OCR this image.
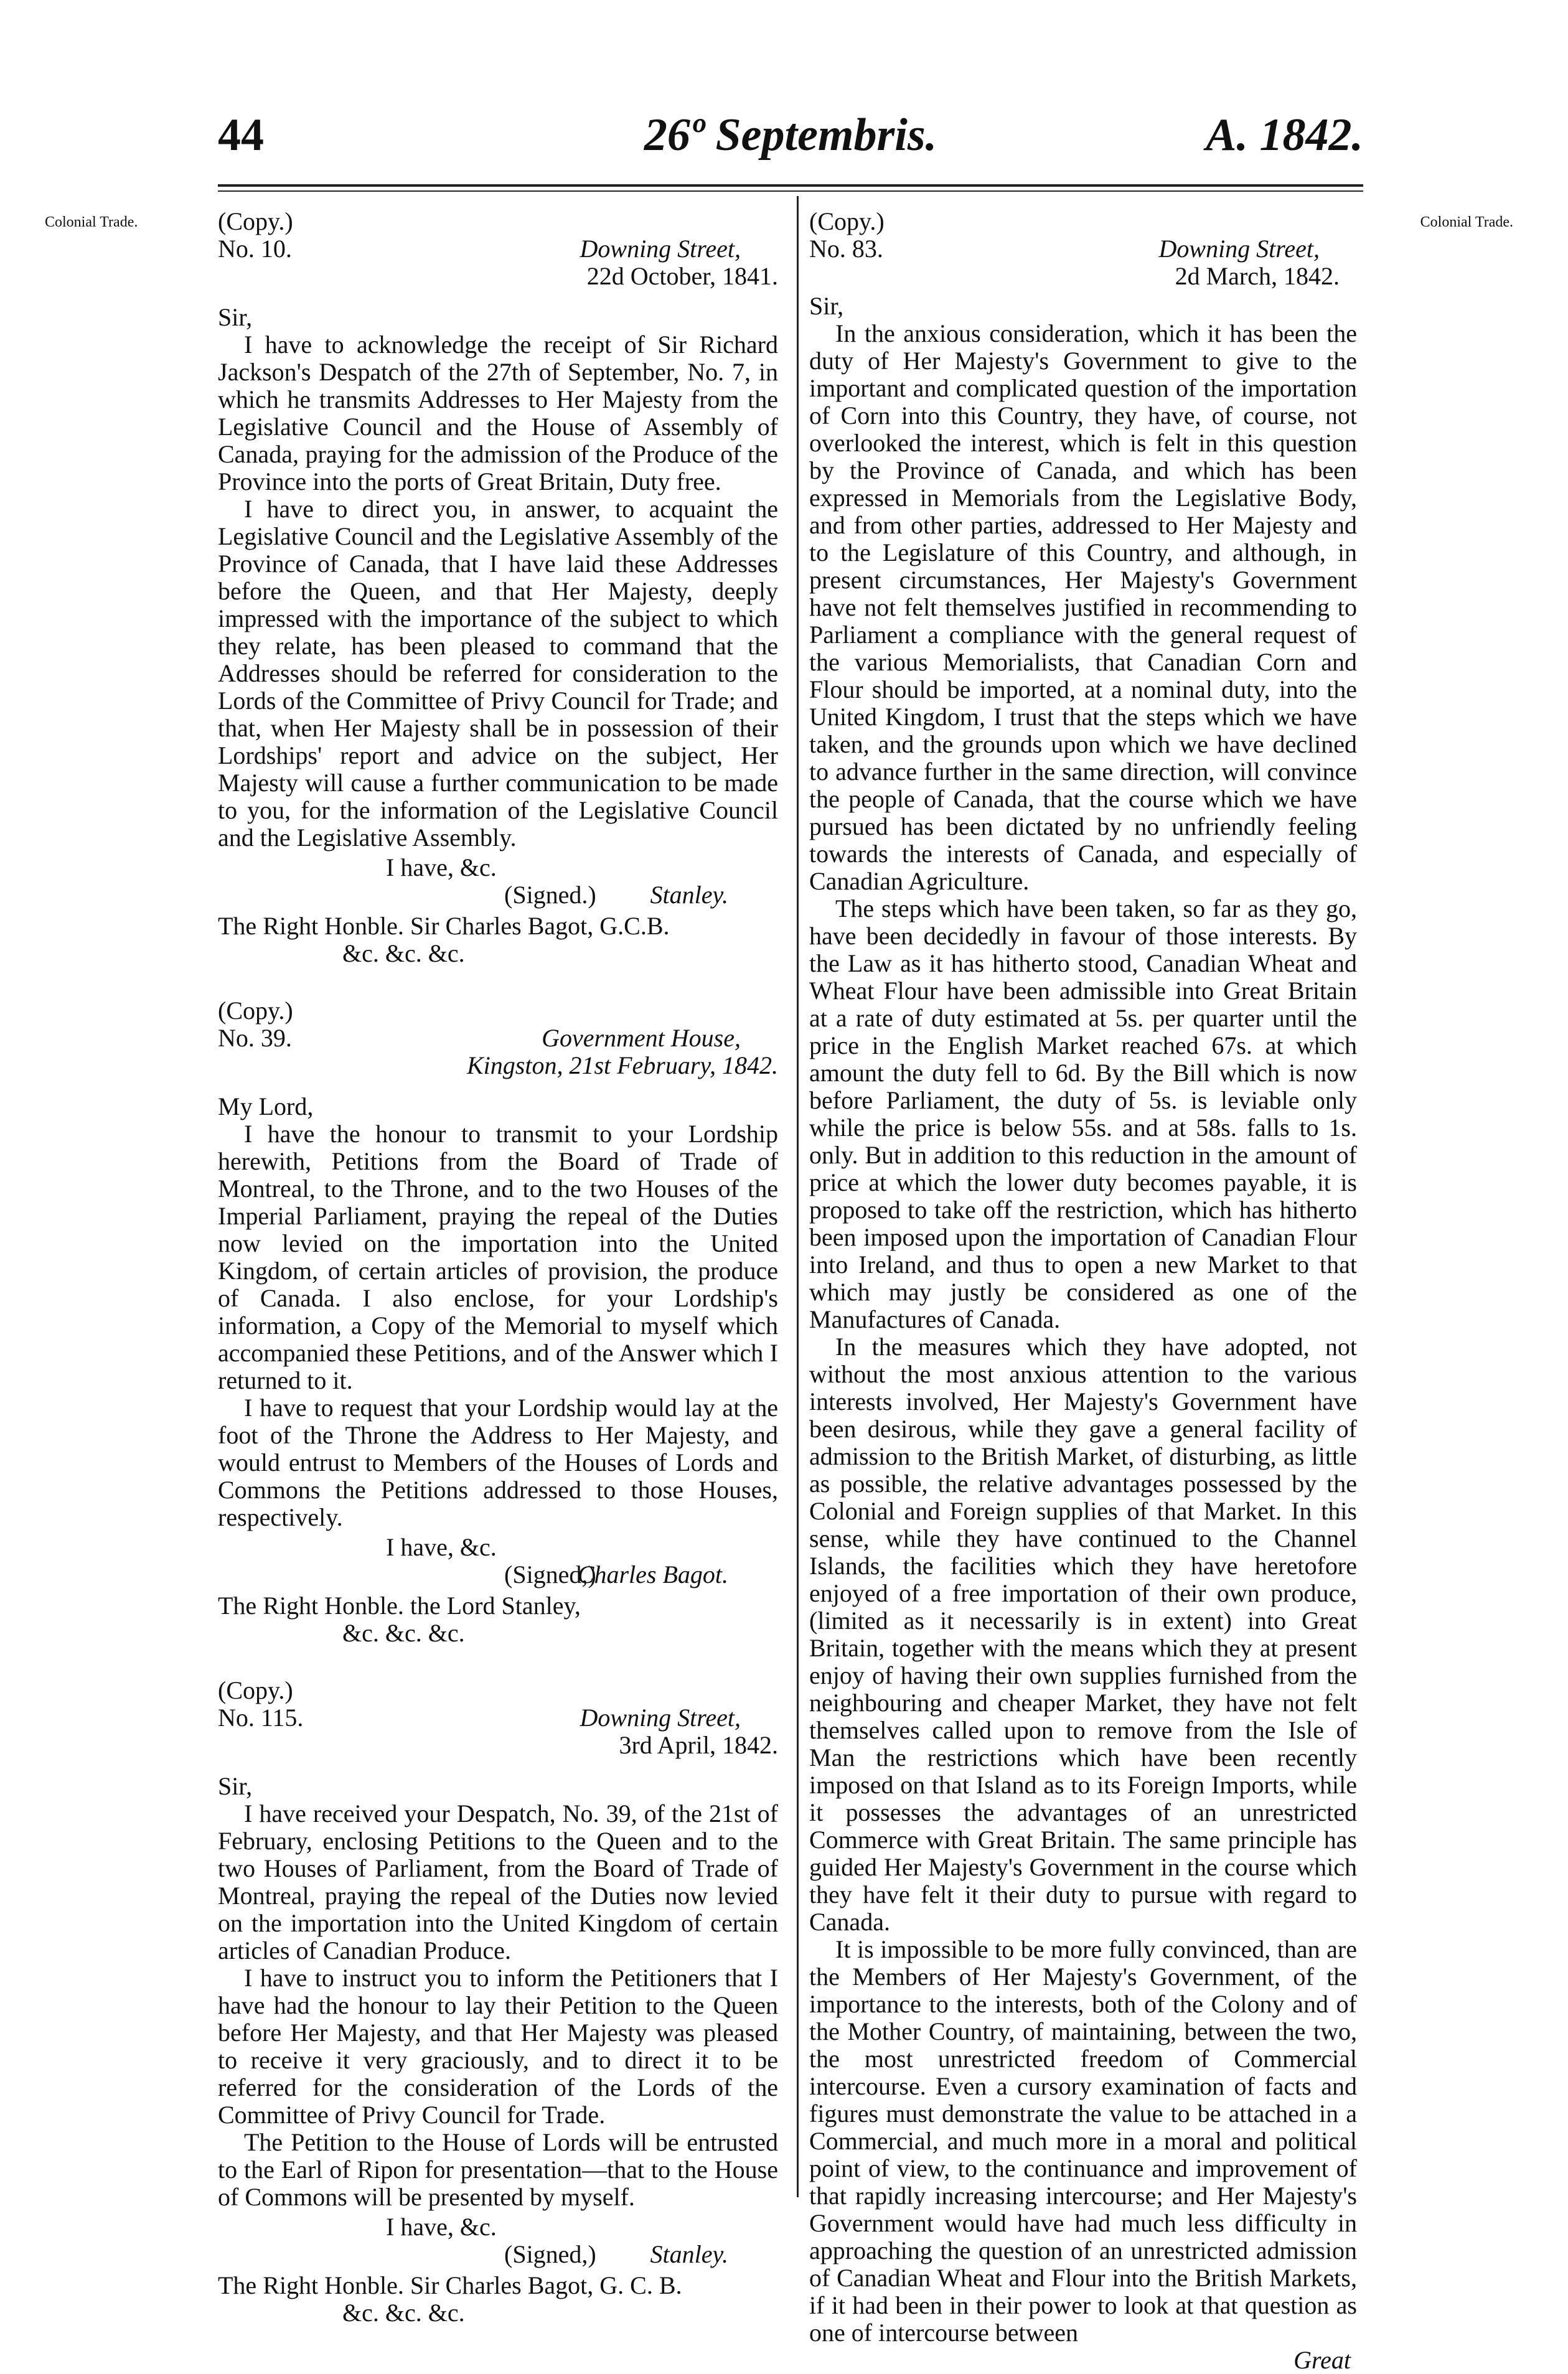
44	26º Septembris.	A. 1842.
Colonial Trade.	Colonial Trade.

(Copy.)

No. 10.	Downing Street,

22d October, 1841.

Sir,

I have to acknowledge the receipt of Sir Richard Jackson's Despatch of the 27th of September, No. 7, in which he transmits Addresses to Her Majesty from the Legislative Council and the House of Assembly of Canada, praying for the admission of the Produce of the Province into the ports of Great Britain, Duty free.

I have to direct you, in answer, to acquaint the Legislative Council and the Legislative Assembly of the Province of Canada, that I have laid these Addresses before the Queen, and that Her Majesty, deeply impressed with the importance of the subject to which they relate, has been pleased to command that the Addresses should be referred for consideration to the Lords of the Committee of Privy Council for Trade; and that, when Her Majesty shall be in possession of their Lordships' report and advice on the subject, Her Majesty will cause a further communication to be made to you, for the information of the Legislative Council and the Legislative Assembly.

I have, &c.

(Signed.) Stanley.

The Right Honble. Sir Charles Bagot, G.C.B.

&c. &c. &c.

(Copy.)

No. 39.	Government House,

Kingston, 21st February, 1842.

My Lord,

I have the honour to transmit to your Lordship herewith, Petitions from the Board of Trade of Montreal, to the Throne, and to the two Houses of the Imperial Parliament, praying the repeal of the Duties now levied on the importation into the United Kingdom, of certain articles of provision, the produce of Canada. I also enclose, for your Lordship's information, a Copy of the Memorial to myself which accompanied these Petitions, and of the Answer which I returned to it.

I have to request that your Lordship would lay at the foot of the Throne the Address to Her Majesty, and would entrust to Members of the Houses of Lords and Commons the Petitions addressed to those Houses, respectively.

I have, &c.

(Signed,)
Charles Bagot.

The Right Honble. the Lord Stanley,

&c. &c. &c.

(Copy.)

No. 115.	Downing Street,

3rd April, 1842.

Sir,

I have received your Despatch, No. 39, of the 21st of February, enclosing Petitions to the Queen and to the two Houses of Parliament, from the Board of Trade of Montreal, praying the repeal of the Duties now levied on the importation into the United Kingdom of certain articles of Canadian Produce.

I have to instruct you to inform the Petitioners that I have had the honour to lay their Petition to the Queen before Her Majesty, and that Her Majesty was pleased to receive it very graciously, and to direct it to be referred for the consideration of the Lords of the Committee of Privy Council for Trade.

The Petition to the House of Lords will be entrusted to the Earl of Ripon for presentation—that to the House of Commons will be presented by myself.

I have, &c.

(Signed,) Stanley.

The Right Honble. Sir Charles Bagot, G. C. B.

&c. &c. &c.

(Copy.)

No. 83.	Downing Street,

2d March, 1842.

Sir,

In the anxious consideration, which it has been the duty of Her Majesty's Government to give to the important and complicated question of the importation of Corn into this Country, they have, of course, not overlooked the interest, which is felt in this question by the Province of Canada, and which has been expressed in Memorials from the Legislative Body, and from other parties, addressed to Her Majesty and to the Legislature of this Country, and although, in present circumstances, Her Majesty's Government have not felt themselves justified in recommending to Parliament a compliance with the general request of the various Memorialists, that Canadian Corn and Flour should be imported, at a nominal duty, into the United Kingdom, I trust that the steps which we have taken, and the grounds upon which we have declined to advance further in the same direction, will convince the people of Canada, that the course which we have pursued has been dictated by no unfriendly feeling towards the interests of Canada, and especially of Canadian Agriculture.

The steps which have been taken, so far as they go, have been decidedly in favour of those interests. By the Law as it has hitherto stood, Canadian Wheat and Wheat Flour have been admissible into Great Britain at a rate of duty estimated at 5s. per quarter until the price in the English Market reached 67s. at which amount the duty fell to 6d. By the Bill which is now before Parliament, the duty of 5s. is leviable only while the price is below 55s. and at 58s. falls to 1s. only. But in addition to this reduction in the amount of price at which the lower duty becomes payable, it is proposed to take off the restriction, which has hitherto been imposed upon the importation of Canadian Flour into Ireland, and thus to open a new Market to that which may justly be considered as one of the Manufactures of Canada.

In the measures which they have adopted, not without the most anxious attention to the various interests involved, Her Majesty's Government have been desirous, while they gave a general facility of admission to the British Market, of disturbing, as little as possible, the relative advantages possessed by the Colonial and Foreign supplies of that Market. In this sense, while they have continued to the Channel Islands, the facilities which they have heretofore enjoyed of a free importation of their own produce, (limited as it necessarily is in extent) into Great Britain, together with the means which they at present enjoy of having their own supplies furnished from the neighbouring and cheaper Market, they have not felt themselves called upon to remove from the Isle of Man the restrictions which have been recently imposed on that Island as to its Foreign Imports, while it possesses the advantages of an unrestricted Commerce with Great Britain. The same principle has guided Her Majesty's Government in the course which they have felt it their duty to pursue with regard to Canada.

It is impossible to be more fully convinced, than are the Members of Her Majesty's Government, of the importance to the interests, both of the Colony and of the Mother Country, of maintaining, between the two, the most unrestricted freedom of Commercial intercourse. Even a cursory examination of facts and figures must demonstrate the value to be attached in a Commercial, and much more in a moral and political point of view, to the continuance and improvement of that rapidly increasing intercourse; and Her Majesty's Government would have had much less difficulty in approaching the question of an unrestricted admission of Canadian Wheat and Flour into the British Markets, if it had been in their power to look at that question as one of intercourse between

Great
